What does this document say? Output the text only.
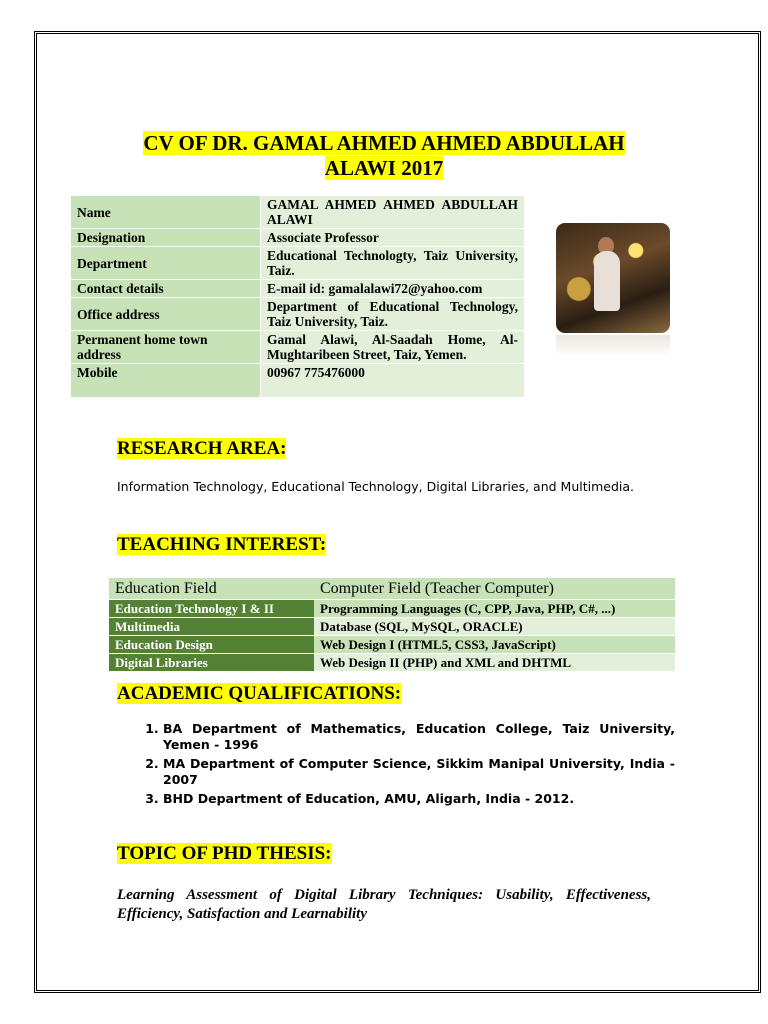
CV OF DR. GAMAL AHMED AHMED ABDULLAH
ALAWI 2017
Name	GAMAL AHMED AHMED ABDULLAH ALAWI
Designation	Associate Professor
Department	Educational Technologty, Taiz University, Taiz.
Contact details	E-mail id: gamalalawi72@yahoo.com
Office address	Department of Educational Technology, Taiz University, Taiz.
Permanent home town address	Gamal Alawi, Al-Saadah Home, Al-Mughtaribeen Street, Taiz, Yemen.
Mobile	00967 775476000
RESEARCH AREA:
Information Technology, Educational Technology, Digital Libraries, and Multimedia.
TEACHING INTEREST:
Education Field	Computer Field (Teacher Computer)
Education Technology I & II	Programming Languages (C, CPP, Java, PHP, C#, ...)
Multimedia	Database (SQL, MySQL, ORACLE)
Education Design	Web Design I (HTML5, CSS3, JavaScript)
Digital Libraries	Web Design II (PHP) and XML and DHTML
ACADEMIC QUALIFICATIONS:
1. BA Department of Mathematics, Education College, Taiz University, Yemen - 1996
2. MA Department of Computer Science, Sikkim Manipal University, India - 2007
3. BHD Department of Education, AMU, Aligarh, India - 2012.
TOPIC OF PHD THESIS:
Learning Assessment of Digital Library Techniques: Usability, Effectiveness, Efficiency, Satisfaction and Learnability
